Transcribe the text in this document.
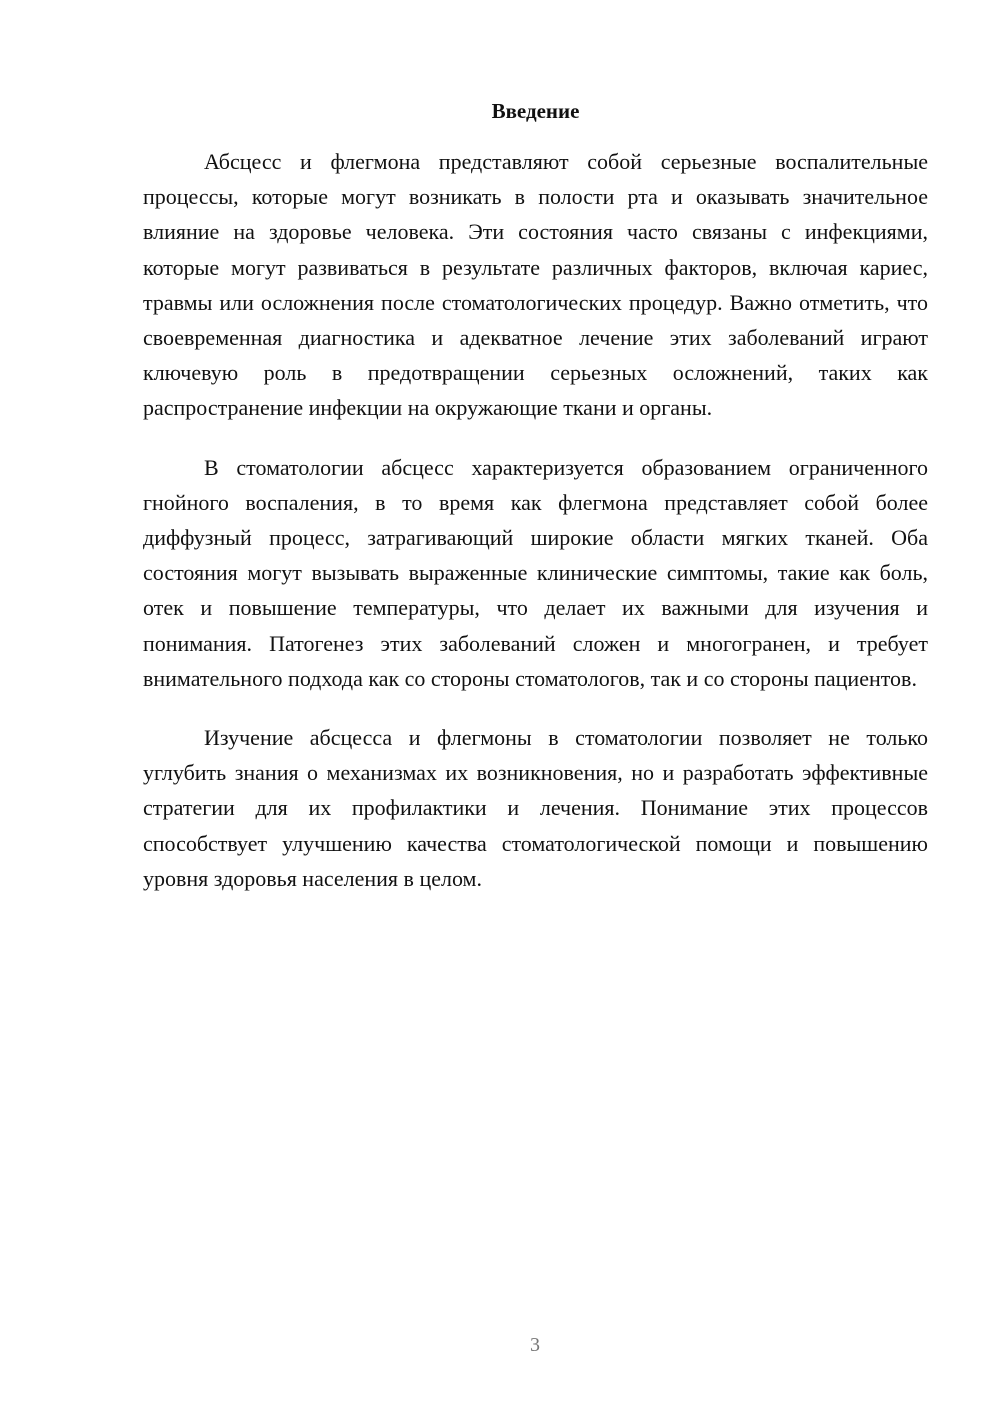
Введение

Абсцесс и флегмона представляют собой серьезные воспалительные процессы, которые могут возникать в полости рта и оказывать значительное влияние на здоровье человека. Эти состояния часто связаны с инфекциями, которые могут развиваться в результате различных факторов, включая кариес, травмы или осложнения после стоматологических процедур. Важно отметить, что своевременная диагностика и адекватное лечение этих заболеваний играют ключевую роль в предотвращении серьезных осложнений, таких как распространение инфекции на окружающие ткани и органы.

В стоматологии абсцесс характеризуется образованием ограниченного гнойного воспаления, в то время как флегмона представляет собой более диффузный процесс, затрагивающий широкие области мягких тканей. Оба состояния могут вызывать выраженные клинические симптомы, такие как боль, отек и повышение температуры, что делает их важными для изучения и понимания. Патогенез этих заболеваний сложен и многогранен, и требует внимательного подхода как со стороны стоматологов, так и со стороны пациентов.

Изучение абсцесса и флегмоны в стоматологии позволяет не только углубить знания о механизмах их возникновения, но и разработать эффективные стратегии для их профилактики и лечения. Понимание этих процессов способствует улучшению качества стоматологической помощи и повышению уровня здоровья населения в целом.

3
